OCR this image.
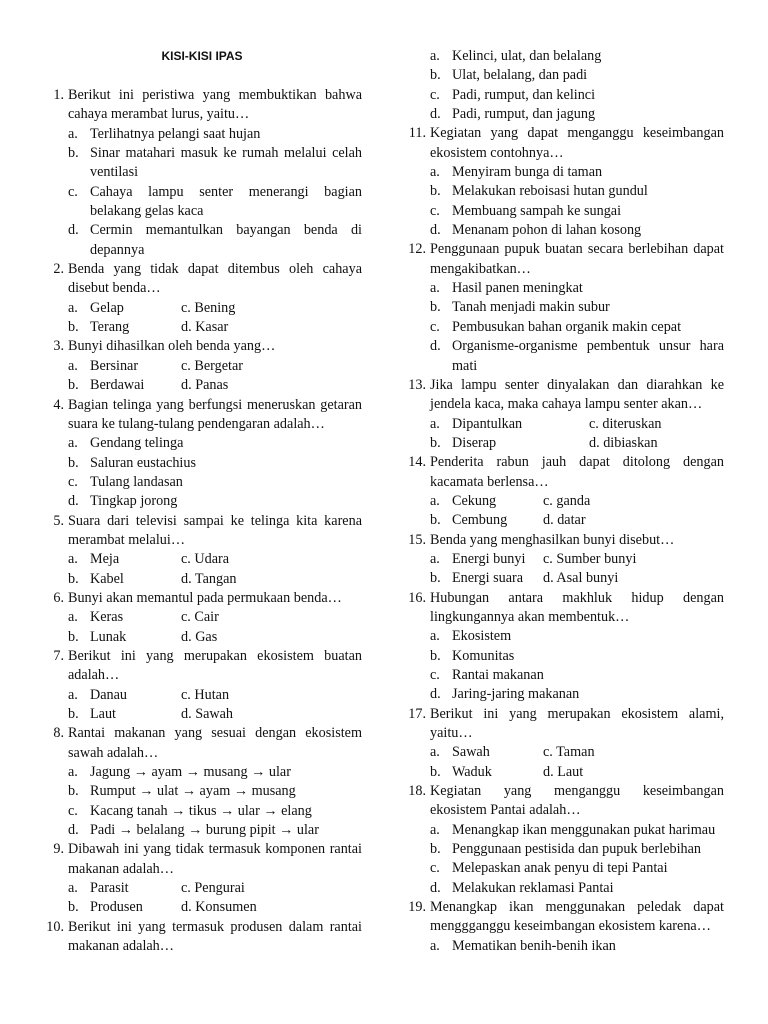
KISI-KISI IPAS
1. Berikut ini peristiwa yang membuktikan bahwa cahaya merambat lurus, yaitu…
a. Terlihatnya pelangi saat hujan
b. Sinar matahari masuk ke rumah melalui celah ventilasi
c. Cahaya lampu senter menerangi bagian belakang gelas kaca
d. Cermin memantulkan bayangan benda di depannya
2. Benda yang tidak dapat ditembus oleh cahaya disebut benda…
a. Gelap	c. Bening
b. Terang	d. Kasar
3. Bunyi dihasilkan oleh benda yang…
a. Bersinar	c. Bergetar
b. Berdawai	d. Panas
4. Bagian telinga yang berfungsi meneruskan getaran suara ke tulang-tulang pendengaran adalah…
a. Gendang telinga
b. Saluran eustachius
c. Tulang landasan
d. Tingkap jorong
5. Suara dari televisi sampai ke telinga kita karena merambat melalui…
a. Meja	c. Udara
b. Kabel	d. Tangan
6. Bunyi akan memantul pada permukaan benda…
a. Keras	c. Cair
b. Lunak	d. Gas
7. Berikut ini yang merupakan ekosistem buatan adalah…
a. Danau	c. Hutan
b. Laut	d. Sawah
8. Rantai makanan yang sesuai dengan ekosistem sawah adalah…
a. Jagung → ayam → musang → ular
b. Rumput → ulat → ayam → musang
c. Kacang tanah → tikus → ular → elang
d. Padi → belalang → burung pipit → ular
9. Dibawah ini yang tidak termasuk komponen rantai makanan adalah…
a. Parasit	c. Pengurai
b. Produsen	d. Konsumen
10. Berikut ini yang termasuk produsen dalam rantai makanan adalah…
a. Kelinci, ulat, dan belalang
b. Ulat, belalang, dan padi
c. Padi, rumput, dan kelinci
d. Padi, rumput, dan jagung
11. Kegiatan yang dapat menganggu keseimbangan ekosistem contohnya…
a. Menyiram bunga di taman
b. Melakukan reboisasi hutan gundul
c. Membuang sampah ke sungai
d. Menanam pohon di lahan kosong
12. Penggunaan pupuk buatan secara berlebihan dapat mengakibatkan…
a. Hasil panen meningkat
b. Tanah menjadi makin subur
c. Pembusukan bahan organik makin cepat
d. Organisme-organisme pembentuk unsur hara mati
13. Jika lampu senter dinyalakan dan diarahkan ke jendela kaca, maka cahaya lampu senter akan…
a. Dipantulkan	c. diteruskan
b. Diserap	d. dibiaskan
14. Penderita rabun jauh dapat ditolong dengan kacamata berlensa…
a. Cekung	c. ganda
b. Cembung	d. datar
15. Benda yang menghasilkan bunyi disebut…
a. Energi bunyi	c. Sumber bunyi
b. Energi suara	d. Asal bunyi
16. Hubungan antara makhluk hidup dengan lingkungannya akan membentuk…
a. Ekosistem
b. Komunitas
c. Rantai makanan
d. Jaring-jaring makanan
17. Berikut ini yang merupakan ekosistem alami, yaitu…
a. Sawah	c. Taman
b. Waduk	d. Laut
18. Kegiatan yang menganggu keseimbangan ekosistem Pantai adalah…
a. Menangkap ikan menggunakan pukat harimau
b. Penggunaan pestisida dan pupuk berlebihan
c. Melepaskan anak penyu di tepi Pantai
d. Melakukan reklamasi Pantai
19. Menangkap ikan menggunakan peledak dapat menggganggu keseimbangan ekosistem karena…
a. Mematikan benih-benih ikan
